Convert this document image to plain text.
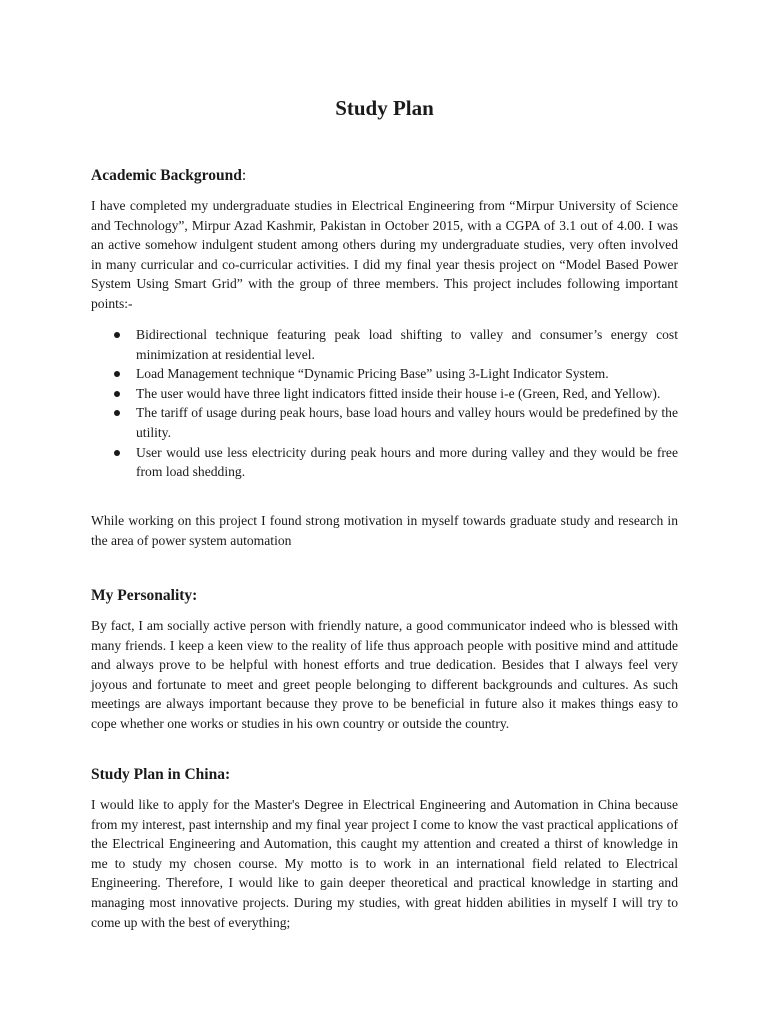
Study Plan
Academic Background:

I have completed my undergraduate studies in Electrical Engineering from “Mirpur University of Science and Technology”, Mirpur Azad Kashmir, Pakistan in October 2015, with a CGPA of 3.1 out of 4.00. I was an active somehow indulgent student among others during my undergraduate studies, very often involved in many curricular and co-curricular activities. I did my final year thesis project on “Model Based Power System Using Smart Grid” with the group of three members. This project includes following important points:-

Bidirectional technique featuring peak load shifting to valley and consumer’s energy cost minimization at residential level.
Load Management technique “Dynamic Pricing Base” using 3-Light Indicator System.
The user would have three light indicators fitted inside their house i-e (Green, Red, and Yellow).
The tariff of usage during peak hours, base load hours and valley hours would be predefined by the utility.
User would use less electricity during peak hours and more during valley and they would be free from load shedding.

While working on this project I found strong motivation in myself towards graduate study and research in the area of power system automation

My Personality:

By fact, I am socially active person with friendly nature, a good communicator indeed who is blessed with many friends. I keep a keen view to the reality of life thus approach people with positive mind and attitude and always prove to be helpful with honest efforts and true dedication. Besides that I always feel very joyous and fortunate to meet and greet people belonging to different backgrounds and cultures. As such meetings are always important because they prove to be beneficial in future also it makes things easy to cope whether one works or studies in his own country or outside the country.

Study Plan in China:

I would like to apply for the Master's Degree in Electrical Engineering and Automation in China because from my interest, past internship and my final year project I come to know the vast practical applications of the Electrical Engineering and Automation, this caught my attention and created a thirst of knowledge in me to study my chosen course. My motto is to work in an international field related to Electrical Engineering. Therefore, I would like to gain deeper theoretical and practical knowledge in starting and managing most innovative projects. During my studies, with great hidden abilities in myself I will try to come up with the best of everything;
